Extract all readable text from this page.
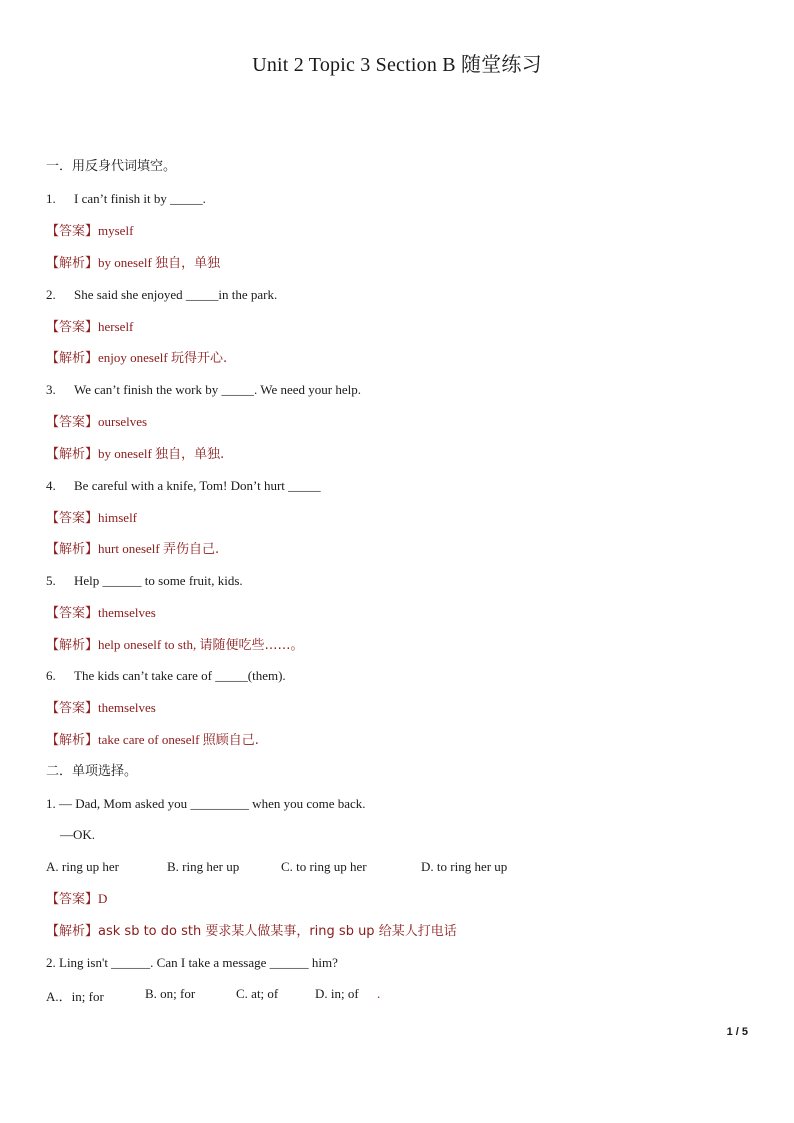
Unit 2 Topic 3 Section B 随堂练习
一．用反身代词填空。
1. I can’t finish it by _____.
【答案】myself
【解析】by oneself 独自，单独
2. She said she enjoyed _____in the park.
【答案】herself
【解析】enjoy oneself 玩得开心.
3. We can’t finish the work by _____. We need your help.
【答案】ourselves
【解析】by oneself 独自，单独.
4. Be careful with a knife, Tom! Don’t hurt _____
【答案】himself
【解析】hurt oneself 弄伤自己.
5. Help ______ to some fruit, kids.
【答案】themselves
【解析】help oneself to sth, 请随便吃些……。
6. The kids can’t take care of _____(them).
【答案】themselves
【解析】take care of oneself 照顾自己.
二．单项选择。
1. — Dad, Mom asked you _________ when you come back.
—OK.
A. ring up her	B. ring her up	C. to ring up her	D. to ring her up
【答案】D
【解析】ask sb to do sth 要求某人做某事，ring sb up 给某人打电话
2. Ling isn't ______. Can I take a message ______ him?
A.．in; for	B. on; for	C. at; of	D. in; of .
1 / 5
